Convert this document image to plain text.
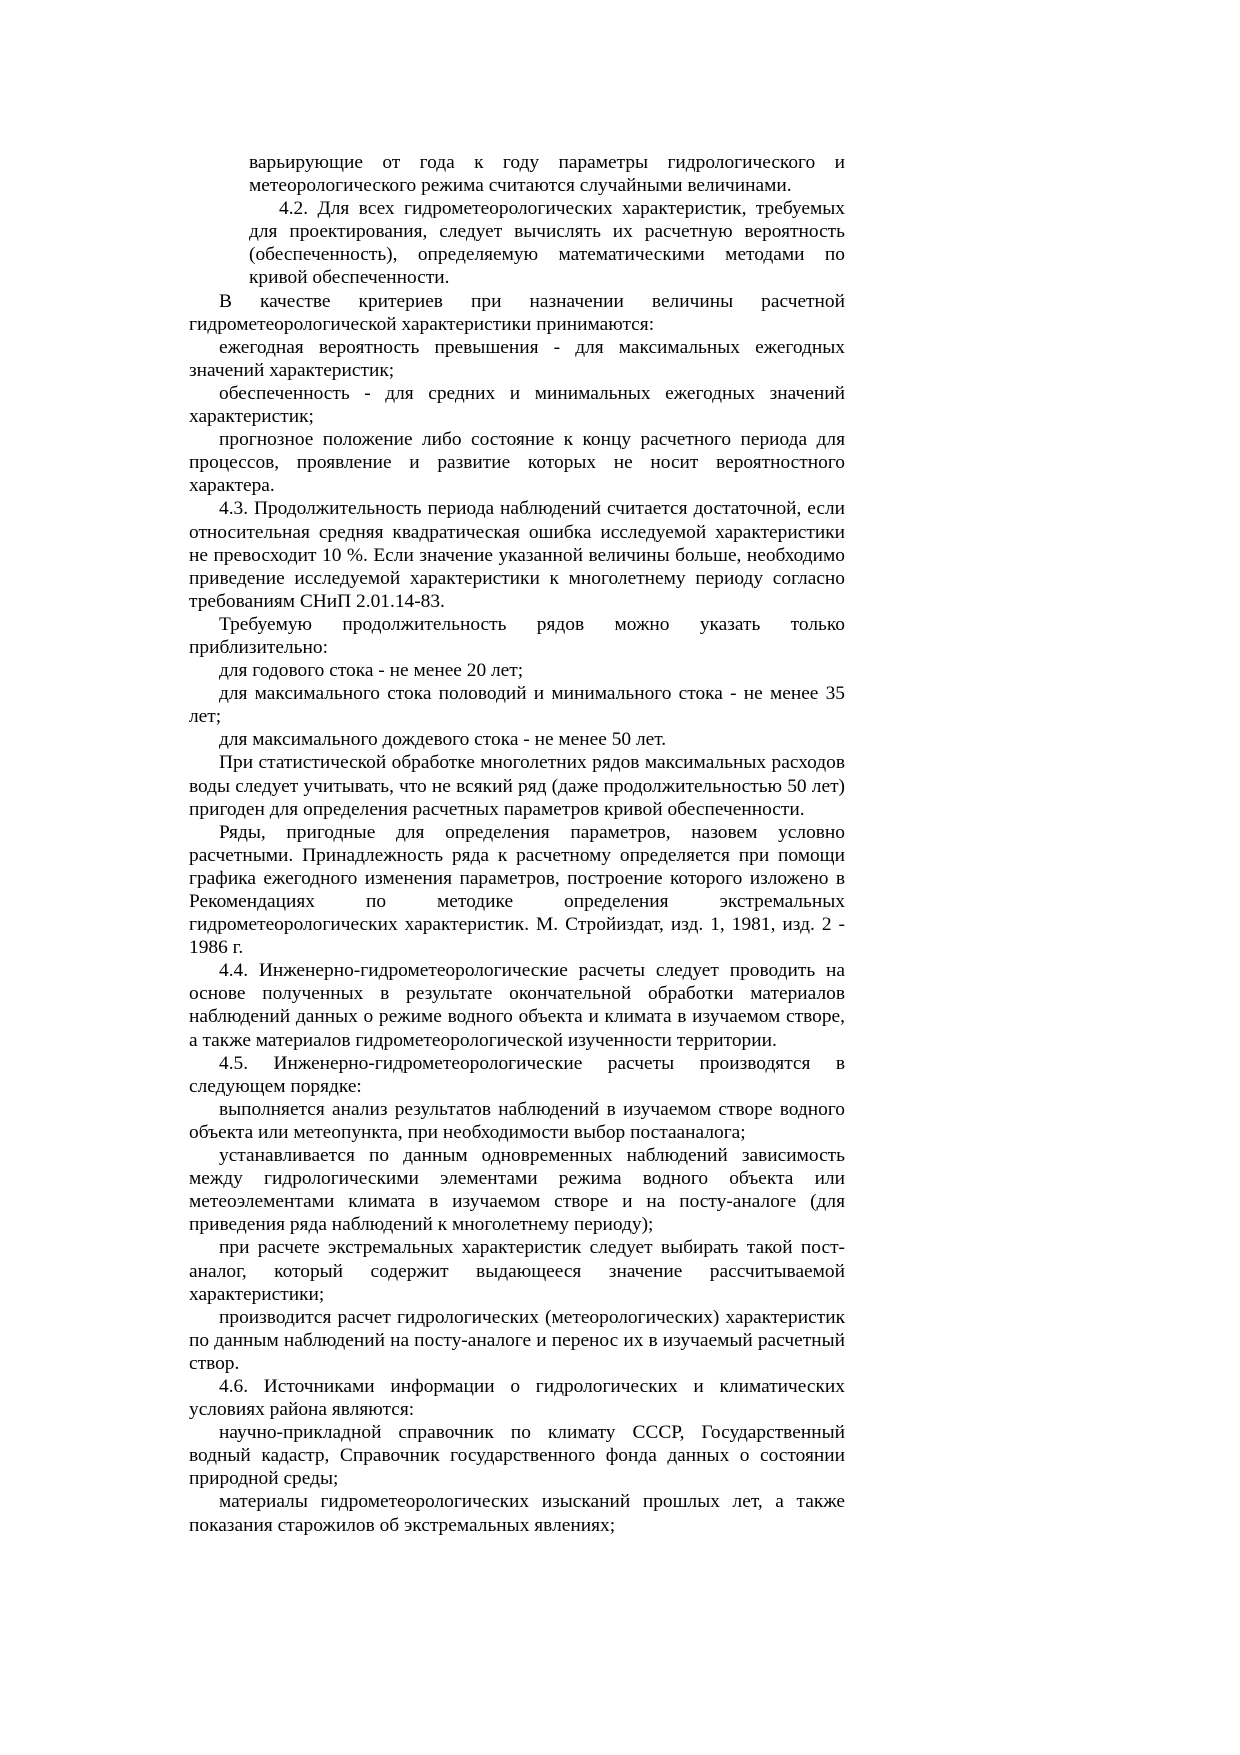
варьирующие от года к году параметры гидрологического и метеорологического режима считаются случайными величинами.

4.2. Для всех гидрометеорологических характеристик, требуемых для проектирования, следует вычислять их расчетную вероятность (обеспеченность), определяемую математическими методами по кривой обеспеченности.

В качестве критериев при назначении величины расчетной гидрометеорологической характеристики принимаются:

ежегодная вероятность превышения - для максимальных ежегодных значений характеристик;

обеспеченность - для средних и минимальных ежегодных значений характеристик;

прогнозное положение либо состояние к концу расчетного периода для процессов, проявление и развитие которых не носит вероятностного характера.

4.3. Продолжительность периода наблюдений считается достаточной, если относительная средняя квадратическая ошибка исследуемой характеристики не превосходит 10 %. Если значение указанной величины больше, необходимо приведение исследуемой характеристики к многолетнему периоду согласно требованиям СНиП 2.01.14-83.

Требуемую продолжительность рядов можно указать только приблизительно:

для годового стока - не менее 20 лет;

для максимального стока половодий и минимального стока - не менее 35 лет;

для максимального дождевого стока - не менее 50 лет.

При статистической обработке многолетних рядов максимальных расходов воды следует учитывать, что не всякий ряд (даже продолжительностью 50 лет) пригоден для определения расчетных параметров кривой обеспеченности.

Ряды, пригодные для определения параметров, назовем условно расчетными. Принадлежность ряда к расчетному определяется при помощи графика ежегодного изменения параметров, построение которого изложено в Рекомендациях по методике определения экстремальных гидрометеорологических характеристик. М. Стройиздат, изд. 1, 1981, изд. 2 - 1986 г.

4.4. Инженерно-гидрометеорологические расчеты следует проводить на основе полученных в результате окончательной обработки материалов наблюдений данных о режиме водного объекта и климата в изучаемом створе, а также материалов гидрометеорологической изученности территории.

4.5. Инженерно-гидрометеорологические расчеты производятся в следующем порядке:

выполняется анализ результатов наблюдений в изучаемом створе водного объекта или метеопункта, при необходимости выбор постааналога;

устанавливается по данным одновременных наблюдений зависимость между гидрологическими элементами режима водного объекта или метеоэлементами климата в изучаемом створе и на посту-аналоге (для приведения ряда наблюдений к многолетнему периоду);

при расчете экстремальных характеристик следует выбирать такой пост-аналог, который содержит выдающееся значение рассчитываемой характеристики;

производится расчет гидрологических (метеорологических) характеристик по данным наблюдений на посту-аналоге и перенос их в изучаемый расчетный створ.

4.6. Источниками информации о гидрологических и климатических условиях района являются:

научно-прикладной справочник по климату СССР, Государственный водный кадастр, Справочник государственного фонда данных о состоянии природной среды;

материалы гидрометеорологических изысканий прошлых лет, а также показания старожилов об экстремальных явлениях;
